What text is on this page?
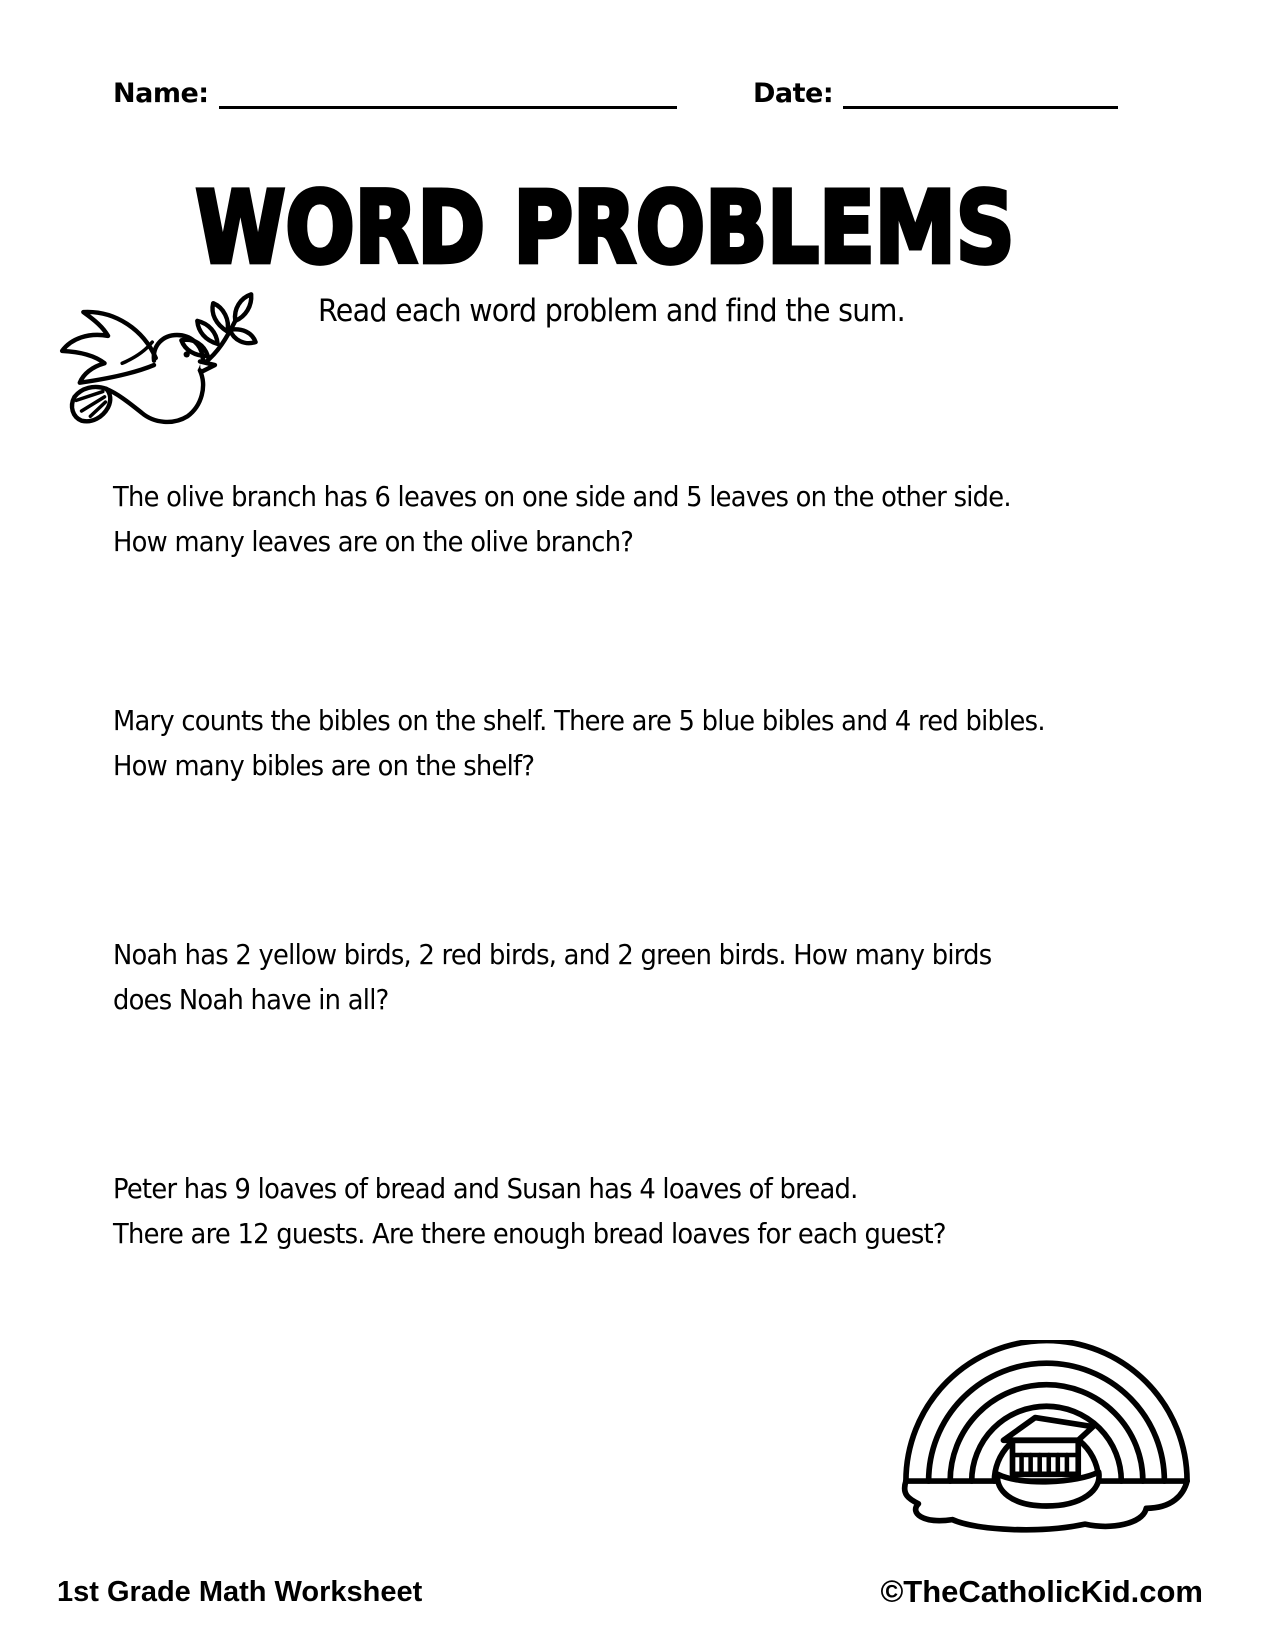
Name:	Date:
WORD PROBLEMS
Read each word problem and find the sum.
The olive branch has 6 leaves on one side and 5 leaves on the other side.
How many leaves are on the olive branch?
Mary counts the bibles on the shelf. There are 5 blue bibles and 4 red bibles.
How many bibles are on the shelf?
Noah has 2 yellow birds, 2 red birds, and 2 green birds. How many birds
does Noah have in all?
Peter has 9 loaves of bread and Susan has 4 loaves of bread.
There are 12 guests. Are there enough bread loaves for each guest?
1st Grade Math Worksheet	©TheCatholicKid.com
